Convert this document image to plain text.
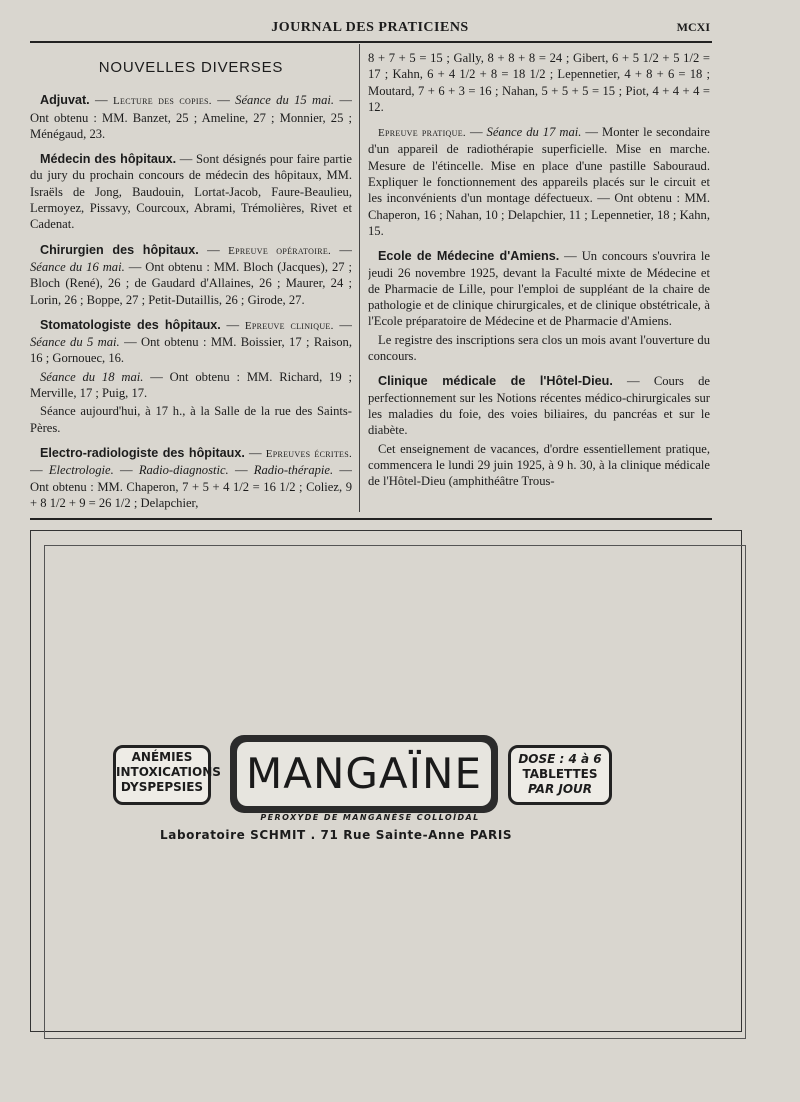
JOURNAL DES PRATICIENS	MCXI
NOUVELLES DIVERSES

Adjuvat. — Lecture des copies. — Séance du 15 mai. — Ont obtenu : MM. Banzet, 25 ; Ameline, 27 ; Monnier, 25 ; Ménégaud, 23.

Médecin des hôpitaux. — Sont désignés pour faire partie du jury du prochain concours de médecin des hôpitaux, MM. Israëls de Jong, Baudouin, Lortat-Jacob, Faure-Beaulieu, Lermoyez, Pissavy, Courcoux, Abrami, Trémolières, Rivet et Cadenat.

Chirurgien des hôpitaux. — Epreuve opératoire. — Séance du 16 mai. — Ont obtenu : MM. Bloch (Jacques), 27 ; Bloch (René), 26 ; de Gaudard d'Allaines, 26 ; Maurer, 24 ; Lorin, 26 ; Boppe, 27 ; Petit-Dutaillis, 26 ; Girode, 27.

Stomatologiste des hôpitaux. — Epreuve clinique. — Séance du 5 mai. — Ont obtenu : MM. Boissier, 17 ; Raison, 16 ; Gornouec, 16.

Séance du 18 mai. — Ont obtenu : MM. Richard, 19 ; Merville, 17 ; Puig, 17.

Séance aujourd'hui, à 17 h., à la Salle de la rue des Saints-Pères.

Electro-radiologiste des hôpitaux. — Epreuves écrites. — Electrologie. — Radio-diagnostic. — Radio-thérapie. — Ont obtenu : MM. Chaperon, 7 + 5 + 4 1/2 = 16 1/2 ; Coliez, 9 + 8 1/2 + 9 = 26 1/2 ; Delapchier,

8 + 7 + 5 = 15 ; Gally, 8 + 8 + 8 = 24 ; Gibert, 6 + 5 1/2 + 5 1/2 = 17 ; Kahn, 6 + 4 1/2 + 8 = 18 1/2 ; Lepennetier, 4 + 8 + 6 = 18 ; Moutard, 7 + 6 + 3 = 16 ; Nahan, 5 + 5 + 5 = 15 ; Piot, 4 + 4 + 4 = 12.

Epreuve pratique. — Séance du 17 mai. — Monter le secondaire d'un appareil de radiothérapie superficielle. Mise en marche. Mesure de l'étincelle. Mise en place d'une pastille Sabouraud. Expliquer le fonctionnement des appareils placés sur le circuit et les inconvénients d'un montage défectueux. — Ont obtenu : MM. Chaperon, 16 ; Nahan, 10 ; Delapchier, 11 ; Lepennetier, 18 ; Kahn, 15.

Ecole de Médecine d'Amiens. — Un concours s'ouvrira le jeudi 26 novembre 1925, devant la Faculté mixte de Médecine et de Pharmacie de Lille, pour l'emploi de suppléant de la chaire de pathologie et de clinique chirurgicales, et de clinique obstétricale, à l'Ecole préparatoire de Médecine et de Pharmacie d'Amiens.

Le registre des inscriptions sera clos un mois avant l'ouverture du concours.

Clinique médicale de l'Hôtel-Dieu. — Cours de perfectionnement sur les Notions récentes médico-chirurgicales sur les maladies du foie, des voies biliaires, du pancréas et sur le diabète.

Cet enseignement de vacances, d'ordre essentiellement pratique, commencera le lundi 29 juin 1925, à 9 h. 30, à la clinique médicale de l'Hôtel-Dieu (amphithéâtre Trous-

ANÉMIES
INTOXICATIONS
DYSPEPSIES MANGAÏNE	DOSE : 4 à 6
TABLETTES
PAR JOUR
PEROXYDE DE MANGANÈSE COLLOÏDAL
Laboratoire SCHMIT . 71 Rue Sainte-Anne PARIS
